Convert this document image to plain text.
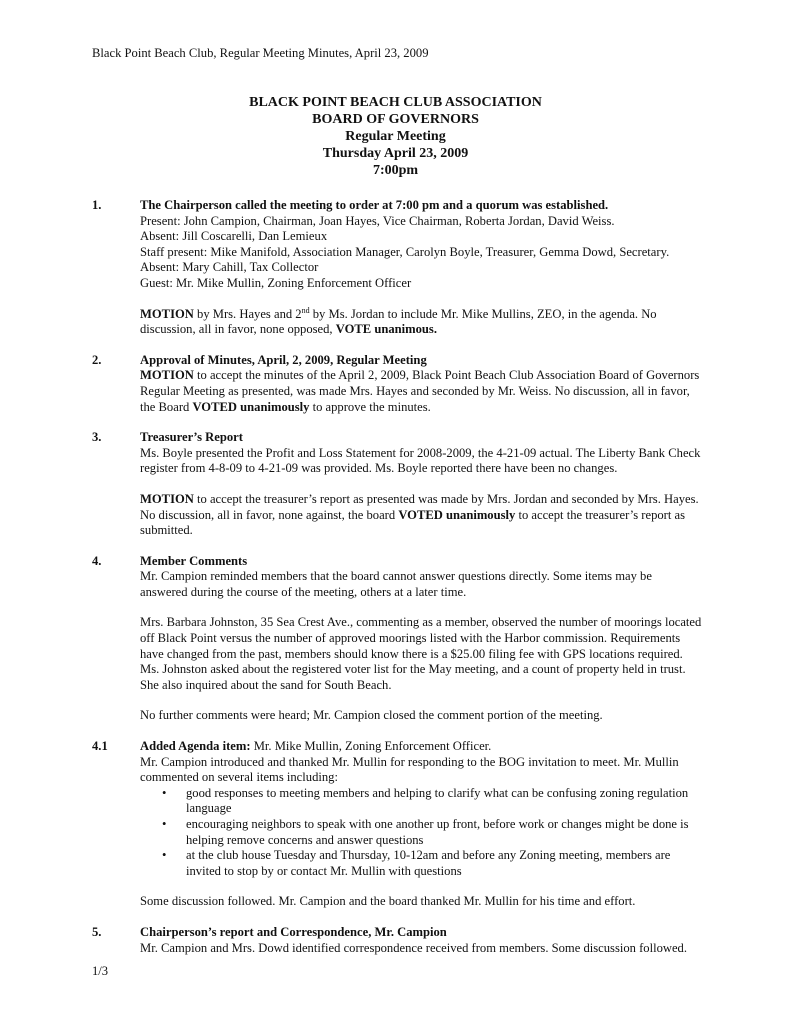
Black Point Beach Club, Regular Meeting Minutes, April 23, 2009
BLACK POINT BEACH CLUB ASSOCIATION
BOARD OF GOVERNORS
Regular Meeting
Thursday April 23, 2009
7:00pm
1.	The Chairperson called the meeting to order at 7:00 pm and a quorum was established.

Present: John Campion, Chairman, Joan Hayes, Vice Chairman, Roberta Jordan, David Weiss.

Absent: Jill Coscarelli, Dan Lemieux

Staff present: Mike Manifold, Association Manager, Carolyn Boyle, Treasurer, Gemma Dowd, Secretary.

Absent: Mary Cahill, Tax Collector

Guest: Mr. Mike Mullin, Zoning Enforcement Officer

MOTION by Mrs. Hayes and 2nd by Ms. Jordan to include Mr. Mike Mullins, ZEO, in the agenda. No discussion, all in favor, none opposed, VOTE unanimous.

2.	Approval of Minutes, April, 2, 2009, Regular Meeting

MOTION to accept the minutes of the April 2, 2009, Black Point Beach Club Association Board of Governors Regular Meeting as presented, was made Mrs. Hayes and seconded by Mr. Weiss. No discussion, all in favor, the Board VOTED unanimously to approve the minutes.

3.	Treasurer’s Report

Ms. Boyle presented the Profit and Loss Statement for 2008-2009, the 4-21-09 actual. The Liberty Bank Check register from 4-8-09 to 4-21-09 was provided. Ms. Boyle reported there have been no changes.

MOTION to accept the treasurer’s report as presented was made by Mrs. Jordan and seconded by Mrs. Hayes. No discussion, all in favor, none against, the board VOTED unanimously to accept the treasurer’s report as submitted.

4.	Member Comments

Mr. Campion reminded members that the board cannot answer questions directly. Some items may be answered during the course of the meeting, others at a later time.

Mrs. Barbara Johnston, 35 Sea Crest Ave., commenting as a member, observed the number of moorings located off Black Point versus the number of approved moorings listed with the Harbor commission. Requirements have changed from the past, members should know there is a $25.00 filing fee with GPS locations required. Ms. Johnston asked about the registered voter list for the May meeting, and a count of property held in trust. She also inquired about the sand for South Beach.

No further comments were heard; Mr. Campion closed the comment portion of the meeting.

4.1	Added Agenda item: Mr. Mike Mullin, Zoning Enforcement Officer.

Mr. Campion introduced and thanked Mr. Mullin for responding to the BOG invitation to meet. Mr. Mullin commented on several items including:

• good responses to meeting members and helping to clarify what can be confusing zoning regulation language
• encouraging neighbors to speak with one another up front, before work or changes might be done is helping remove concerns and answer questions
• at the club house Tuesday and Thursday, 10-12am and before any Zoning meeting, members are invited to stop by or contact Mr. Mullin with questions

Some discussion followed. Mr. Campion and the board thanked Mr. Mullin for his time and effort.

5.	Chairperson’s report and Correspondence, Mr. Campion

Mr. Campion and Mrs. Dowd identified correspondence received from members. Some discussion followed.

1/3
